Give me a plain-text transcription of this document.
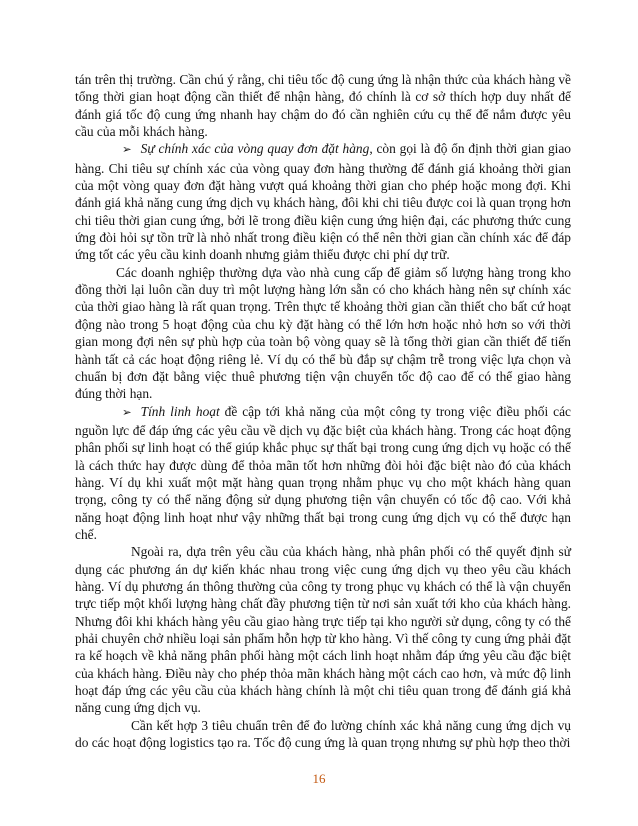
tán trên thị trường. Cần chú ý rằng, chi tiêu tốc độ cung ứng là nhận thức của khách hàng về tổng thời gian hoạt động cần thiết để nhận hàng, đó chính là cơ sở thích hợp duy nhất để đánh giá tốc độ cung ứng nhanh hay chậm do đó cần nghiên cứu cụ thể để nắm được yêu cầu của mỗi khách hàng.

➢ Sự chính xác của vòng quay đơn đặt hàng, còn gọi là độ ổn định thời gian giao hàng. Chi tiêu sự chính xác của vòng quay đơn hàng thường để đánh giá khoảng thời gian của một vòng quay đơn đặt hàng vượt quá khoảng thời gian cho phép hoặc mong đợi. Khi đánh giá khả năng cung ứng dịch vụ khách hàng, đôi khi chi tiêu được coi là quan trọng hơn chi tiêu thời gian cung ứng, bởi lẽ trong điều kiện cung ứng hiện đại, các phương thức cung ứng đòi hỏi sự tồn trữ là nhỏ nhất trong điều kiện có thể nên thời gian cần chính xác để đáp ứng tốt các yêu cầu kinh doanh nhưng giảm thiểu được chi phí dự trữ.

Các doanh nghiệp thường dựa vào nhà cung cấp để giảm số lượng hàng trong kho đồng thời lại luôn cần duy trì một lượng hàng lớn sẵn có cho khách hàng nên sự chính xác của thời giao hàng là rất quan trọng. Trên thực tế khoảng thời gian cần thiết cho bất cứ hoạt động nào trong 5 hoạt động của chu kỳ đặt hàng có thể lớn hơn hoặc nhỏ hơn so với thời gian mong đợi nên sự phù hợp của toàn bộ vòng quay sẽ là tổng thời gian cần thiết để tiến hành tất cả các hoạt động riêng lẻ. Ví dụ có thể bù đắp sự chậm trễ trong việc lựa chọn và chuẩn bị đơn đặt bằng việc thuê phương tiện vận chuyển tốc độ cao để có thể giao hàng đúng thời hạn.

➢ Tính linh hoạt đề cập tới khả năng của một công ty trong việc điều phối các nguồn lực để đáp ứng các yêu cầu về dịch vụ đặc biệt của khách hàng. Trong các hoạt động phân phối sự linh hoạt có thể giúp khắc phục sự thất bại trong cung ứng dịch vụ hoặc có thể là cách thức hay được dùng để thỏa mãn tốt hơn những đòi hỏi đặc biệt nào đó của khách hàng. Ví dụ khi xuất một mặt hàng quan trọng nhằm phục vụ cho một khách hàng quan trọng, công ty có thể năng động sử dụng phương tiện vận chuyển có tốc độ cao. Với khả năng hoạt động linh hoạt như vậy những thất bại trong cung ứng dịch vụ có thể được hạn chế.

Ngoài ra, dựa trên yêu cầu của khách hàng, nhà phân phối có thể quyết định sử dụng các phương án dự kiến khác nhau trong việc cung ứng dịch vụ theo yêu cầu khách hàng. Ví dụ phương án thông thường của công ty trong phục vụ khách có thể là vận chuyển trực tiếp một khối lượng hàng chất đầy phương tiện từ nơi sản xuất tới kho của khách hàng. Nhưng đôi khi khách hàng yêu cầu giao hàng trực tiếp tại kho người sử dụng, công ty có thể phải chuyên chở nhiều loại sản phẩm hỗn hợp từ kho hàng. Vì thế công ty cung ứng phải đặt ra kế hoạch về khả năng phân phối hàng một cách linh hoạt nhằm đáp ứng yêu cầu đặc biệt của khách hàng. Điều này cho phép thỏa mãn khách hàng một cách cao hơn, và mức độ linh hoạt đáp ứng các yêu cầu của khách hàng chính là một chi tiêu quan trong để đánh giá khả năng cung ứng dịch vụ.

Cần kết hợp 3 tiêu chuẩn trên để đo lường chính xác khả năng cung ứng dịch vụ do các hoạt động logistics tạo ra. Tốc độ cung ứng là quan trọng nhưng sự phù hợp theo thời

16
